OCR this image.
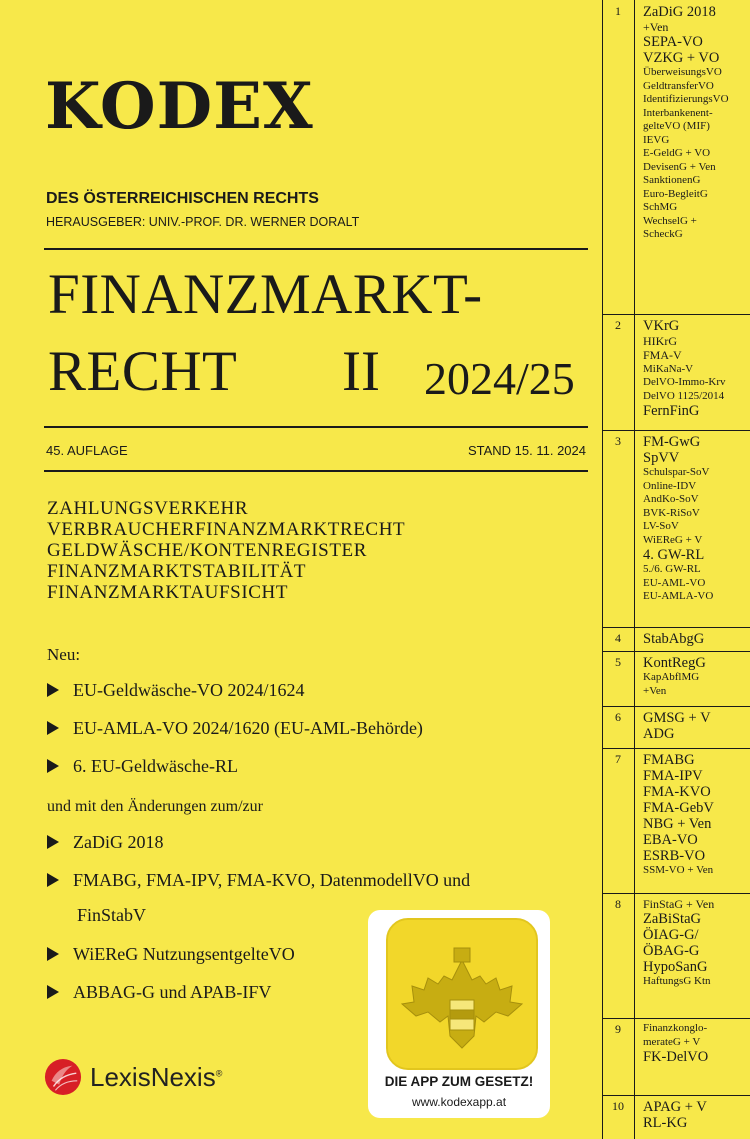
KODEX
DES ÖSTERREICHISCHEN RECHTS
HERAUSGEBER: UNIV.-PROF. DR. WERNER DORALT
FINANZMARKT-
RECHT II 2024/25
45. AUFLAGE	STAND 15. 11. 2024
ZAHLUNGSVERKEHR
VERBRAUCHERFINANZMARKTRECHT
GELDWÄSCHE/KONTENREGISTER
FINANZMARKTSTABILITÄT
FINANZMARKTAUFSICHT
Neu:
EU-Geldwäsche-VO 2024/1624
EU-AMLA-VO 2024/1620 (EU-AML-Behörde)
6. EU-Geldwäsche-RL
und mit den Änderungen zum/zur
ZaDiG 2018
FMABG, FMA-IPV, FMA-KVO, DatenmodellVO und
FinStabV
WiEReG NutzungsentgelteVO
ABBAG-G und APAB-IFV
LexisNexis®
DIE APP ZUM GESETZ!
www.kodexapp.at
1	ZaDiG 2018
+Ven
SEPA-VO
VZKG + VO
ÜberweisungsVO
GeldtransferVO
IdentifizierungsVO
Interbankenent-
gelteVO (MIF)
IEVG
E-GeldG + VO
DevisenG + Ven
SanktionenG
Euro-BegleitG
SchMG
WechselG +
ScheckG
2	VKrG
HIKrG
FMA-V
MiKaNa-V
DelVO-Immo-Krv
DelVO 1125/2014
FernFinG
3	FM-GwG
SpVV
Schulspar-SoV
Online-IDV
AndKo-SoV
BVK-RiSoV
LV-SoV
WiEReG + V
4. GW-RL
5./6. GW-RL
EU-AML-VO
EU-AMLA-VO
4	StabAbgG
5	KontRegG
KapAbflMG
+Ven
6	GMSG + V
ADG
7	FMABG
FMA-IPV
FMA-KVO
FMA-GebV
NBG + Ven
EBA-VO
ESRB-VO
SSM-VO + Ven
8	FinStaG + Ven
ZaBiStaG
ÖIAG-G/
ÖBAG-G
HypoSanG
HaftungsG Ktn
9	Finanzkonglo-
merateG + V
FK-DelVO
10	APAG + V
RL-KG
